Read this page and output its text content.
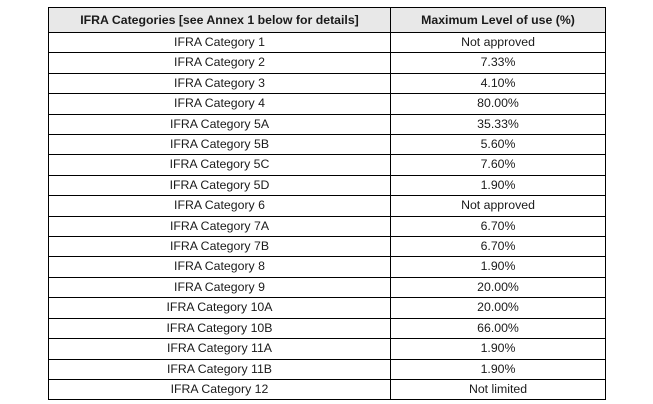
IFRA Categories [see Annex 1 below for details]	Maximum Level of use (%)
IFRA Category 1	Not approved
IFRA Category 2	7.33%
IFRA Category 3	4.10%
IFRA Category 4	80.00%
IFRA Category 5A	35.33%
IFRA Category 5B	5.60%
IFRA Category 5C	7.60%
IFRA Category 5D	1.90%
IFRA Category 6	Not approved
IFRA Category 7A	6.70%
IFRA Category 7B	6.70%
IFRA Category 8	1.90%
IFRA Category 9	20.00%
IFRA Category 10A	20.00%
IFRA Category 10B	66.00%
IFRA Category 11A	1.90%
IFRA Category 11B	1.90%
IFRA Category 12	Not limited
